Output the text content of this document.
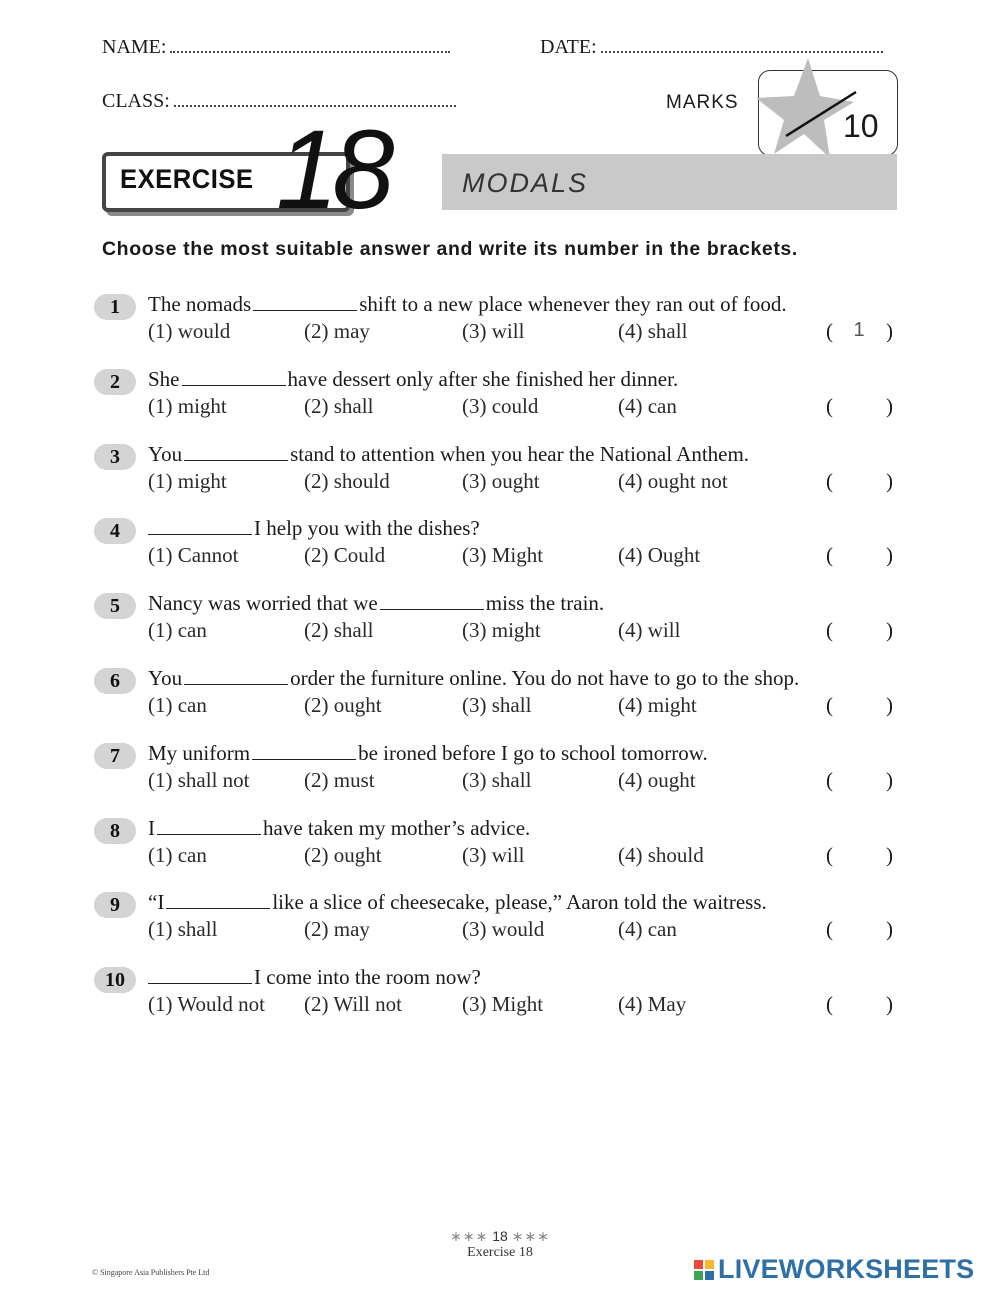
NAME:	DATE:
CLASS:	MARKS
10
EXERCISE 18	MODALS
Choose the most suitable answer and write its number in the brackets.
1	The nomads	shift to a new place whenever they ran out of food.
(1) would	(2) may	(3) will	(4) shall	(	1	)
2	She	have dessert only after she finished her dinner.
(1) might	(2) shall	(3) could	(4) can	(	)
3	You	stand to attention when you hear the National Anthem.
(1) might	(2) should	(3) ought	(4) ought not	(	)
4	I help you with the dishes?
(1) Cannot	(2) Could	(3) Might	(4) Ought	(	)
5	Nancy was worried that we	miss the train.
(1) can	(2) shall	(3) might	(4) will	(	)
6	You	order the furniture online. You do not have to go to the shop.
(1) can	(2) ought	(3) shall	(4) might	(	)
7	My uniform	be ironed before I go to school tomorrow.
(1) shall not	(2) must	(3) shall	(4) ought	(	)
8	I	have taken my mother’s advice.
(1) can	(2) ought	(3) will	(4) should	(	)
9	“I	like a slice of cheesecake, please,” Aaron told the waitress.
(1) shall	(2) may	(3) would	(4) can	(	)
10	I come into the room now?
(1) Would not (2) Will not	(3) Might	(4) May	(	)
∗∗∗ 18 ∗∗∗
Exercise 18
© Singapore Asia Publishers Pte Ltd	LIVEWORKSHEETS
